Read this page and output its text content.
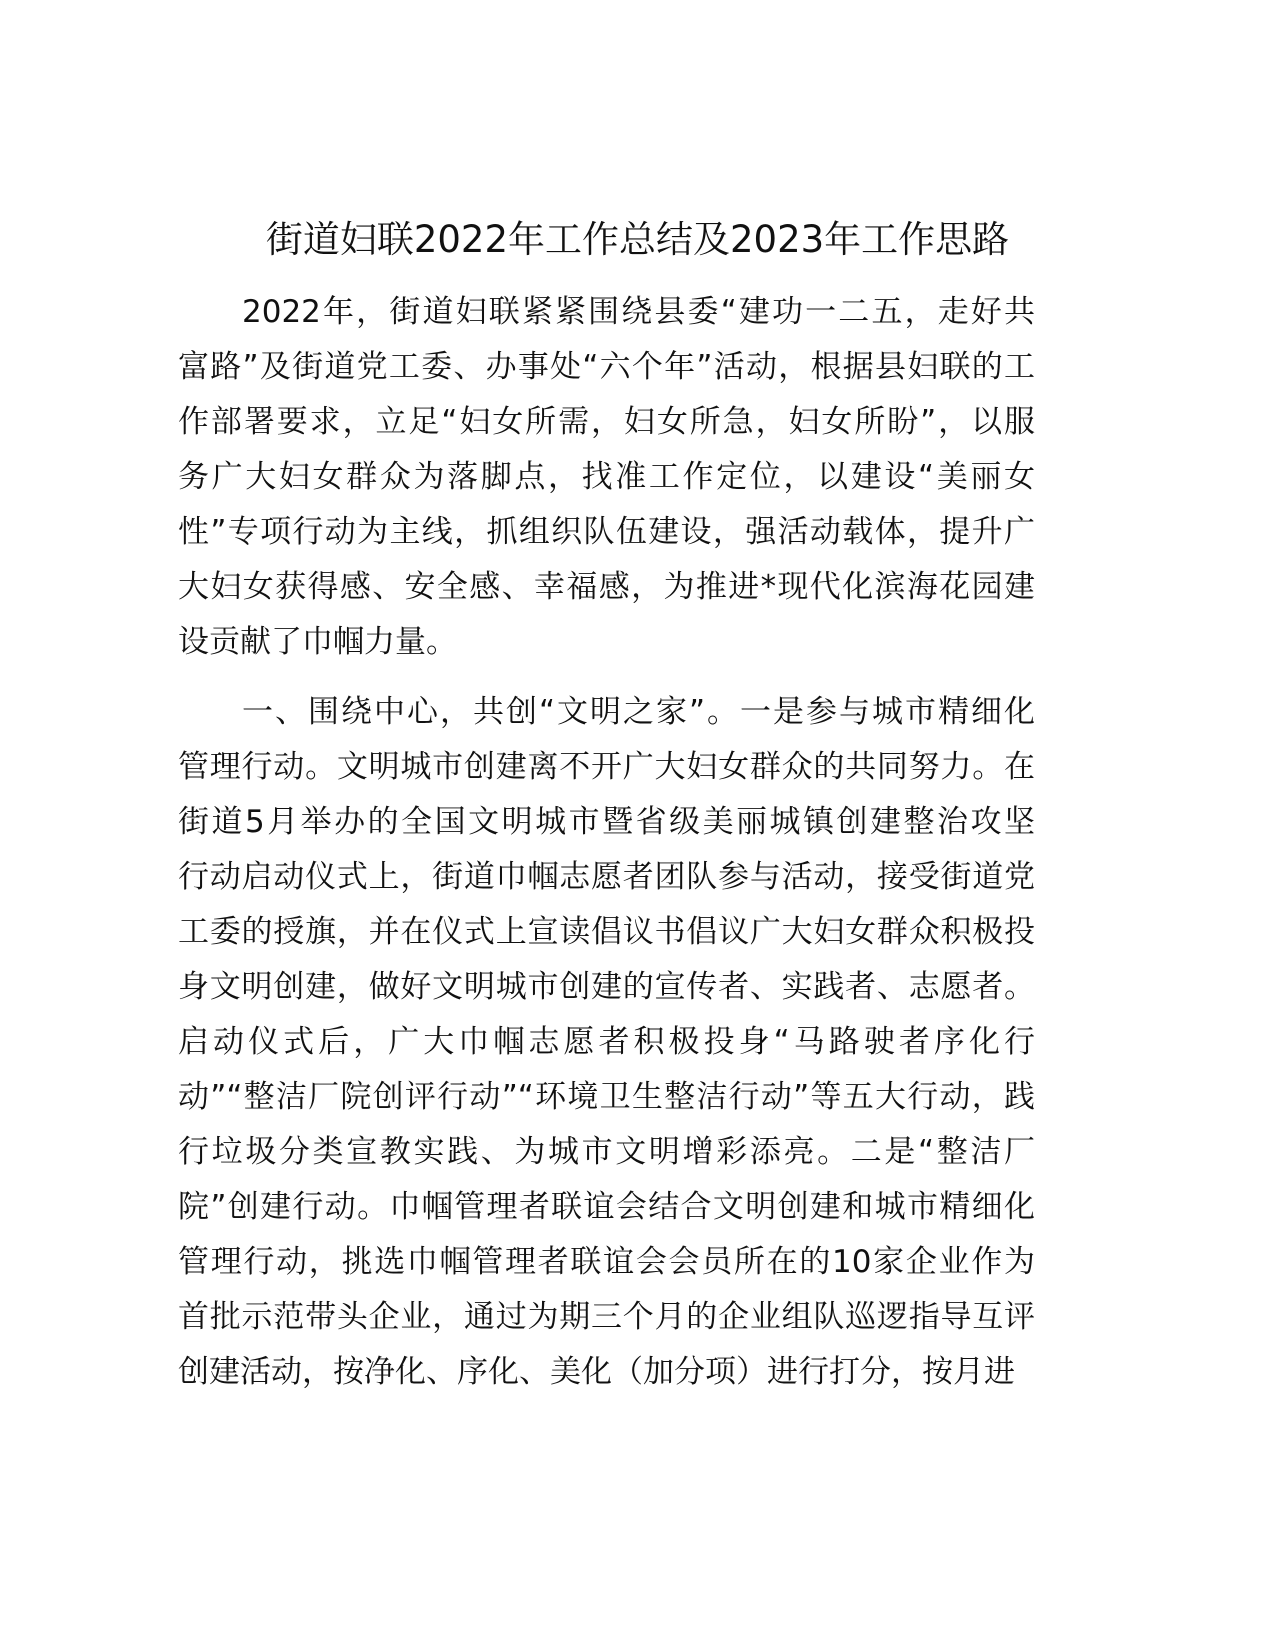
街道妇联2022年工作总结及2023年工作思路
2022年，街道妇联紧紧围绕县委“建功一二五，走好共
富路”及街道党工委、办事处“六个年”活动，根据县妇联的工
作部署要求，立足“妇女所需，妇女所急，妇女所盼”，以服
务广大妇女群众为落脚点，找准工作定位，以建设“美丽女
性”专项行动为主线，抓组织队伍建设，强活动载体，提升广
大妇女获得感、安全感、幸福感，为推进*现代化滨海花园建
设贡献了巾帼力量。
一、围绕中心，共创“文明之家”。一是参与城市精细化
管理行动。文明城市创建离不开广大妇女群众的共同努力。在
街道5月举办的全国文明城市暨省级美丽城镇创建整治攻坚
行动启动仪式上，街道巾帼志愿者团队参与活动，接受街道党
工委的授旗，并在仪式上宣读倡议书倡议广大妇女群众积极投
身文明创建，做好文明城市创建的宣传者、实践者、志愿者。
启动仪式后，广大巾帼志愿者积极投身“马路驶者序化行
动”“整洁厂院创评行动”“环境卫生整洁行动”等五大行动，践
行垃圾分类宣教实践、为城市文明增彩添亮。二是“整洁厂
院”创建行动。巾帼管理者联谊会结合文明创建和城市精细化
管理行动，挑选巾帼管理者联谊会会员所在的10家企业作为
首批示范带头企业，通过为期三个月的企业组队巡逻指导互评
创建活动，按净化、序化、美化（加分项）进行打分，按月进
